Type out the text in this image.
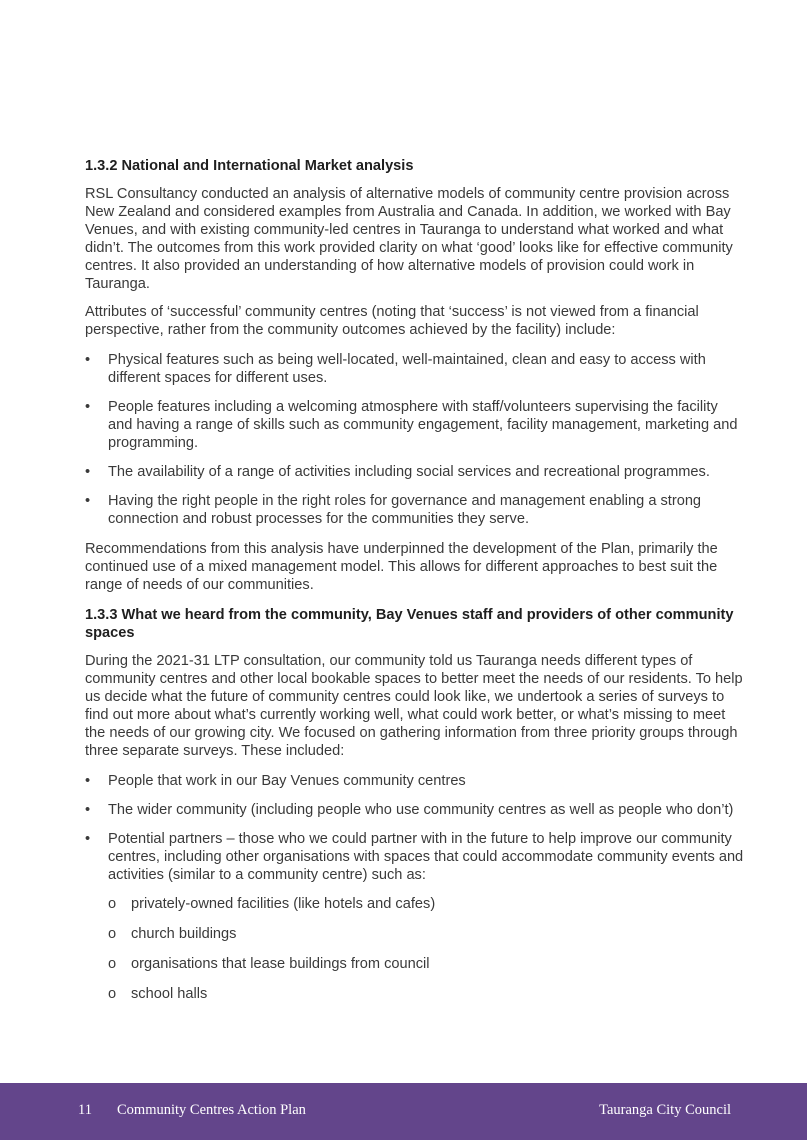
1.3.2 National and International Market analysis

RSL Consultancy conducted an analysis of alternative models of community centre provision across New Zealand and considered examples from Australia and Canada. In addition, we worked with Bay Venues, and with existing community-led centres in Tauranga to understand what worked and what didn’t. The outcomes from this work provided clarity on what ‘good’ looks like for effective community centres. It also provided an understanding of how alternative models of provision could work in Tauranga.

Attributes of ‘successful’ community centres (noting that ‘success’ is not viewed from a financial perspective, rather from the community outcomes achieved by the facility) include:

• Physical features such as being well-located, well-maintained, clean and easy to access with different spaces for different uses.
• People features including a welcoming atmosphere with staff/volunteers supervising the facility and having a range of skills such as community engagement, facility management, marketing and programming.
• The availability of a range of activities including social services and recreational programmes.
• Having the right people in the right roles for governance and management enabling a strong connection and robust processes for the communities they serve.

Recommendations from this analysis have underpinned the development of the Plan, primarily the continued use of a mixed management model. This allows for different approaches to best suit the range of needs of our communities.

1.3.3 What we heard from the community, Bay Venues staff and providers of other community spaces

During the 2021-31 LTP consultation, our community told us Tauranga needs different types of community centres and other local bookable spaces to better meet the needs of our residents. To help us decide what the future of community centres could look like, we undertook a series of surveys to find out more about what’s currently working well, what could work better, or what’s missing to meet the needs of our growing city. We focused on gathering information from three priority groups through three separate surveys. These included:

• People that work in our Bay Venues community centres
• The wider community (including people who use community centres as well as people who don’t)
• Potential partners – those who we could partner with in the future to help improve our community centres, including other organisations with spaces that could accommodate community events and activities (similar to a community centre) such as:
o privately-owned facilities (like hotels and cafes)
o church buildings
o organisations that lease buildings from council
o school halls
11 Community Centres Action Plan	Tauranga City Council
